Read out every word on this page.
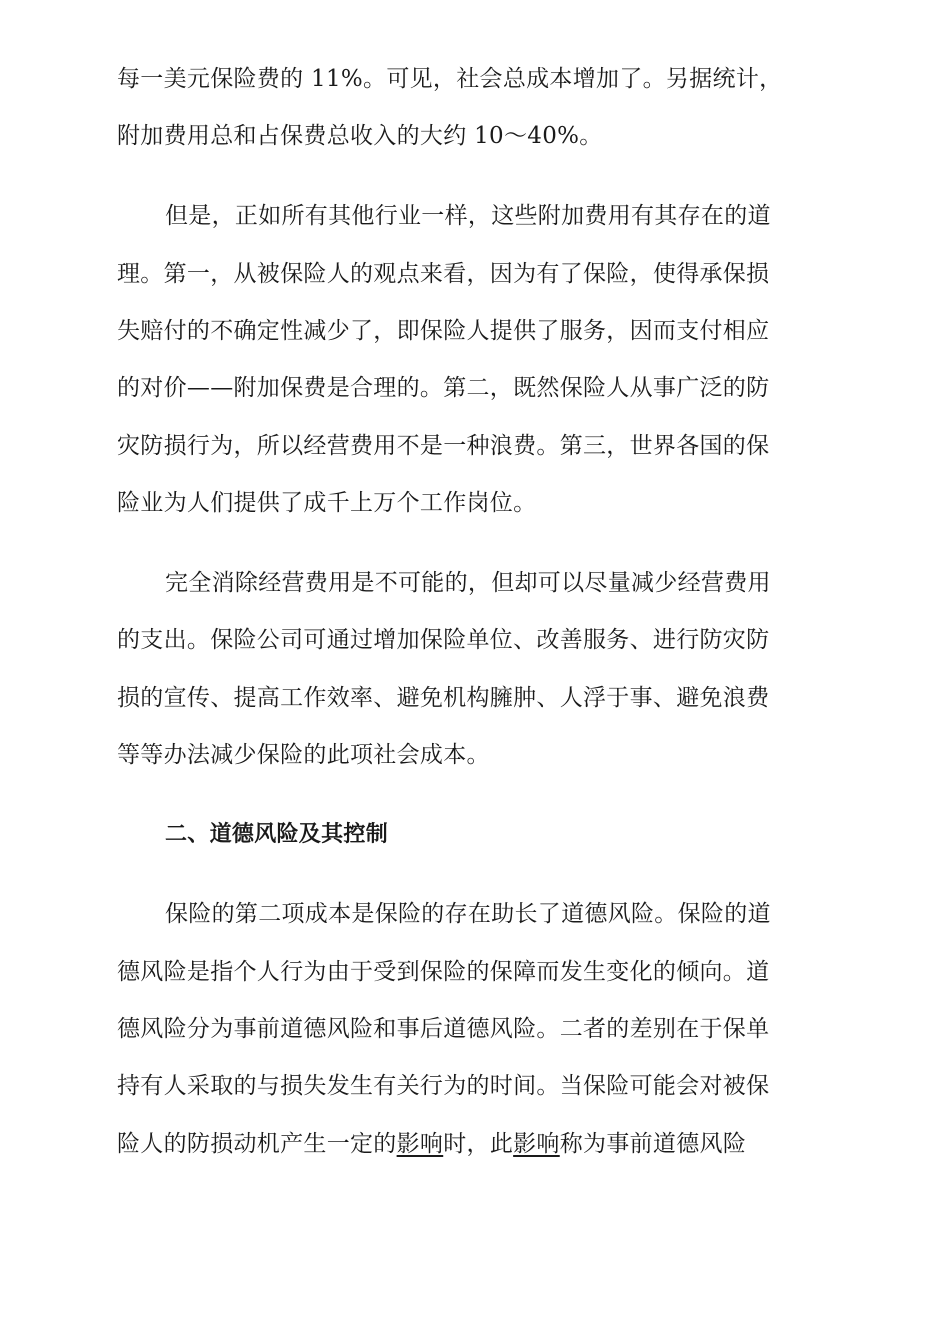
每一美元保险费的 11%。可见，社会总成本增加了。另据统计，
附加费用总和占保费总收入的大约 10～40%。
但是，正如所有其他行业一样，这些附加费用有其存在的道
理。第一，从被保险人的观点来看，因为有了保险，使得承保损
失赔付的不确定性减少了，即保险人提供了服务，因而支付相应
的对价——附加保费是合理的。第二，既然保险人从事广泛的防
灾防损行为，所以经营费用不是一种浪费。第三，世界各国的保
险业为人们提供了成千上万个工作岗位。
完全消除经营费用是不可能的，但却可以尽量减少经营费用
的支出。保险公司可通过增加保险单位、改善服务、进行防灾防
损的宣传、提高工作效率、避免机构臃肿、人浮于事、避免浪费
等等办法减少保险的此项社会成本。
二、道德风险及其控制
保险的第二项成本是保险的存在助长了道德风险。保险的道
德风险是指个人行为由于受到保险的保障而发生变化的倾向。道
德风险分为事前道德风险和事后道德风险。二者的差别在于保单
持有人采取的与损失发生有关行为的时间。当保险可能会对被保
险人的防损动机产生一定的影响时，此影响称为事前道德风险
